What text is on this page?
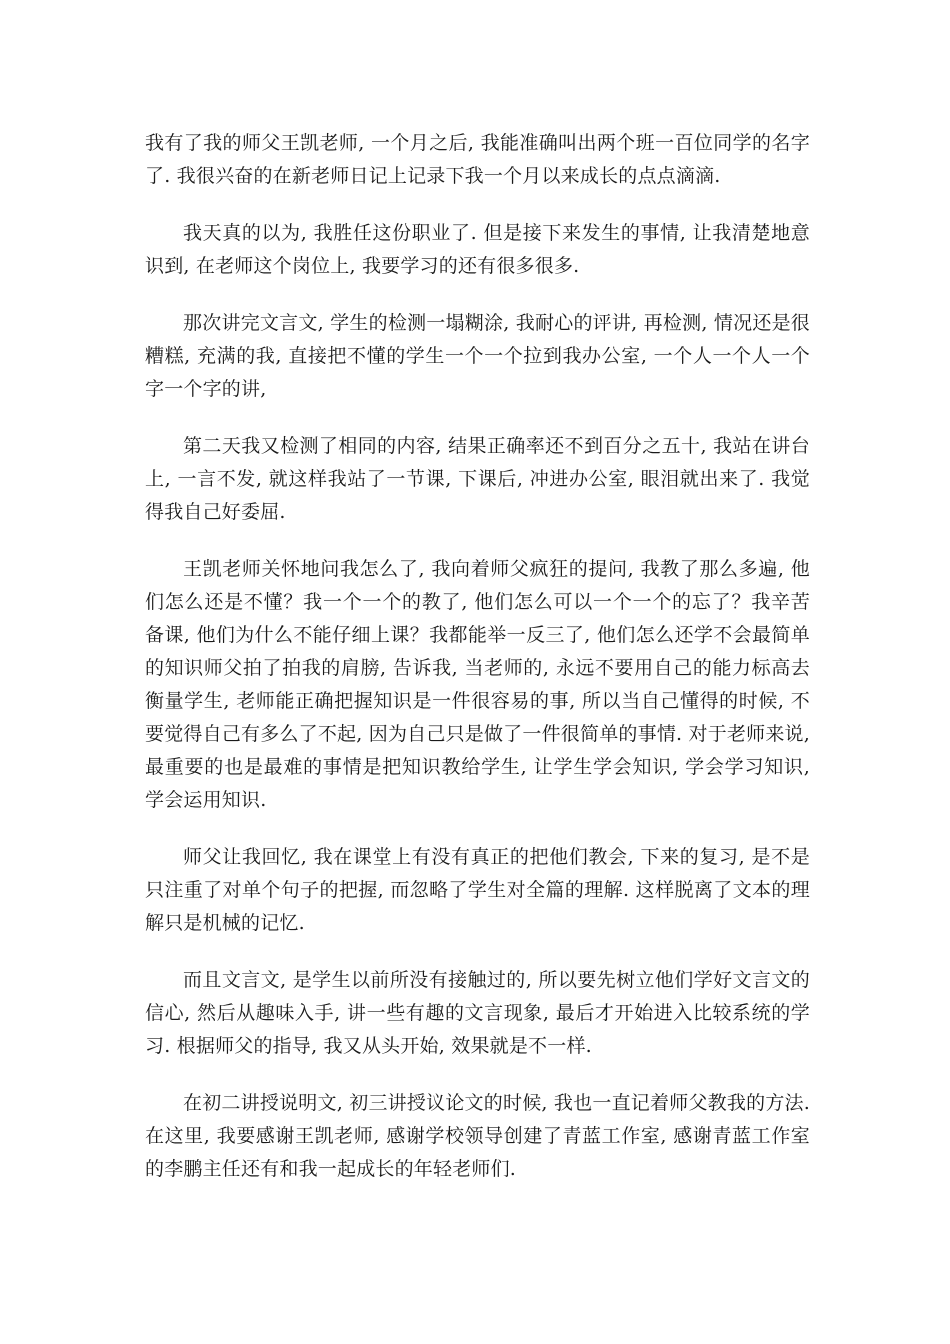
我有了我的师父王凯老师, 一个月之后, 我能准确叫出两个班一百位同学的名字了. 我很兴奋的在新老师日记上记录下我一个月以来成长的点点滴滴.

我天真的以为, 我胜任这份职业了. 但是接下来发生的事情, 让我清楚地意识到, 在老师这个岗位上, 我要学习的还有很多很多.

那次讲完文言文, 学生的检测一塌糊涂, 我耐心的评讲, 再检测, 情况还是很糟糕, 充满的我, 直接把不懂的学生一个一个拉到我办公室, 一个人一个人一个字一个字的讲,

第二天我又检测了相同的内容, 结果正确率还不到百分之五十, 我站在讲台上, 一言不发, 就这样我站了一节课, 下课后, 冲进办公室, 眼泪就出来了. 我觉得我自己好委屈.

王凯老师关怀地问我怎么了, 我向着师父疯狂的提问, 我教了那么多遍, 他们怎么还是不懂？我一个一个的教了, 他们怎么可以一个一个的忘了？我辛苦备课, 他们为什么不能仔细上课？我都能举一反三了, 他们怎么还学不会最简单的知识师父拍了拍我的肩膀, 告诉我, 当老师的, 永远不要用自己的能力标高去衡量学生, 老师能正确把握知识是一件很容易的事, 所以当自己懂得的时候, 不要觉得自己有多么了不起, 因为自己只是做了一件很简单的事情. 对于老师来说, 最重要的也是最难的事情是把知识教给学生, 让学生学会知识, 学会学习知识, 学会运用知识.

师父让我回忆, 我在课堂上有没有真正的把他们教会, 下来的复习, 是不是只注重了对单个句子的把握, 而忽略了学生对全篇的理解. 这样脱离了文本的理解只是机械的记忆.

而且文言文, 是学生以前所没有接触过的, 所以要先树立他们学好文言文的信心, 然后从趣味入手, 讲一些有趣的文言现象, 最后才开始进入比较系统的学习. 根据师父的指导, 我又从头开始, 效果就是不一样.

在初二讲授说明文, 初三讲授议论文的时候, 我也一直记着师父教我的方法. 在这里, 我要感谢王凯老师, 感谢学校领导创建了青蓝工作室, 感谢青蓝工作室的李鹏主任还有和我一起成长的年轻老师们.
